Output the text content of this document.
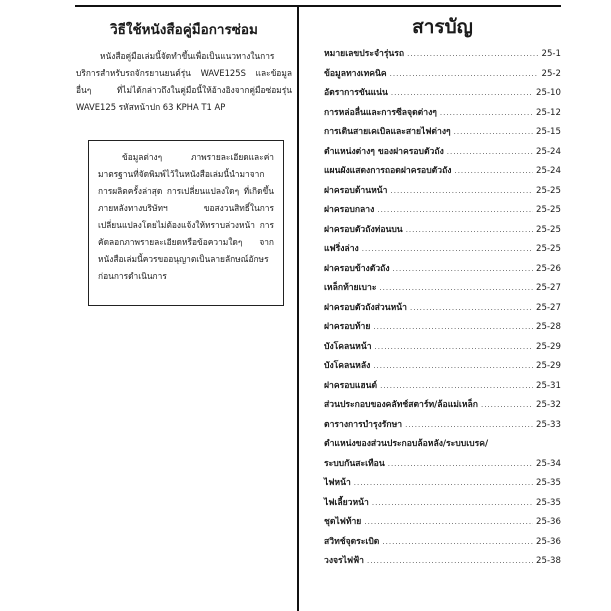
วิธีใช้หนังสือคู่มือการซ่อม

หนังสือคู่มือเล่มนี้จัดทำขึ้นเพื่อเป็นแนวทางในการบริการสำหรับรถจักรยานยนต์รุ่น WAVE125S และข้อมูลอื่นๆ ที่ไม่ได้กล่าวถึงในคู่มือนี้ให้อ้างอิงจากคู่มือซ่อมรุ่น WAVE125 รหัสหน้าปก 63 KPHA T1 AP

ข้อมูลต่างๆ ภาพรายละเอียดและค่ามาตรฐานที่จัดพิมพ์ไว้ในหนังสือเล่มนี้นำมาจากการผลิตครั้งล่าสุด การเปลี่ยนแปลงใดๆ ที่เกิดขึ้นภายหลังทางบริษัทฯ ขอสงวนสิทธิ์ในการเปลี่ยนแปลงโดยไม่ต้องแจ้งให้ทราบล่วงหน้า การคัดลอกภาพรายละเอียดหรือข้อความใดๆ จากหนังสือเล่มนี้ควรขออนุญาตเป็นลายลักษณ์อักษรก่อนการดำเนินการ

สารบัญ
หมายเลขประจำรุ่นรถ .....	25-1
ข้อมูลทางเทคนิค .....	25-2
อัตราการขันแน่น .....	25-10
การหล่อลื่นและการซีลจุดต่างๆ .....	25-12
การเดินสายเคเบิลและสายไฟต่างๆ .....	25-15
ตำแหน่งต่างๆ ของฝาครอบตัวถัง .....	25-24
แผนผังแสดงการถอดฝาครอบตัวถัง .....	25-24
ฝาครอบด้านหน้า .....	25-25
ฝาครอบกลาง .....	25-25
ฝาครอบตัวถังท่อนบน .....	25-25
แฟริ่งล่าง .....	25-25
ฝาครอบข้างตัวถัง .....	25-26
เหล็กท้ายเบาะ .....	25-27
ฝาครอบตัวถังส่วนหน้า .....	25-27
ฝาครอบท้าย .....	25-28
บังโคลนหน้า .....	25-29
บังโคลนหลัง .....	25-29
ฝาครอบแฮนด์ .....	25-31
ส่วนประกอบของคลัทช์สตาร์ท/ล้อแม่เหล็ก .....	25-32
ตารางการบำรุงรักษา .....	25-33
ตำแหน่งของส่วนประกอบล้อหลัง/ระบบเบรค/
ระบบกันสะเทือน .....	25-34
ไฟหน้า .....	25-35
ไฟเลี้ยวหน้า .....	25-35
ชุดไฟท้าย .....	25-36
สวิทช์จุดระเบิด .....	25-36
วงจรไฟฟ้า .....	25-38
